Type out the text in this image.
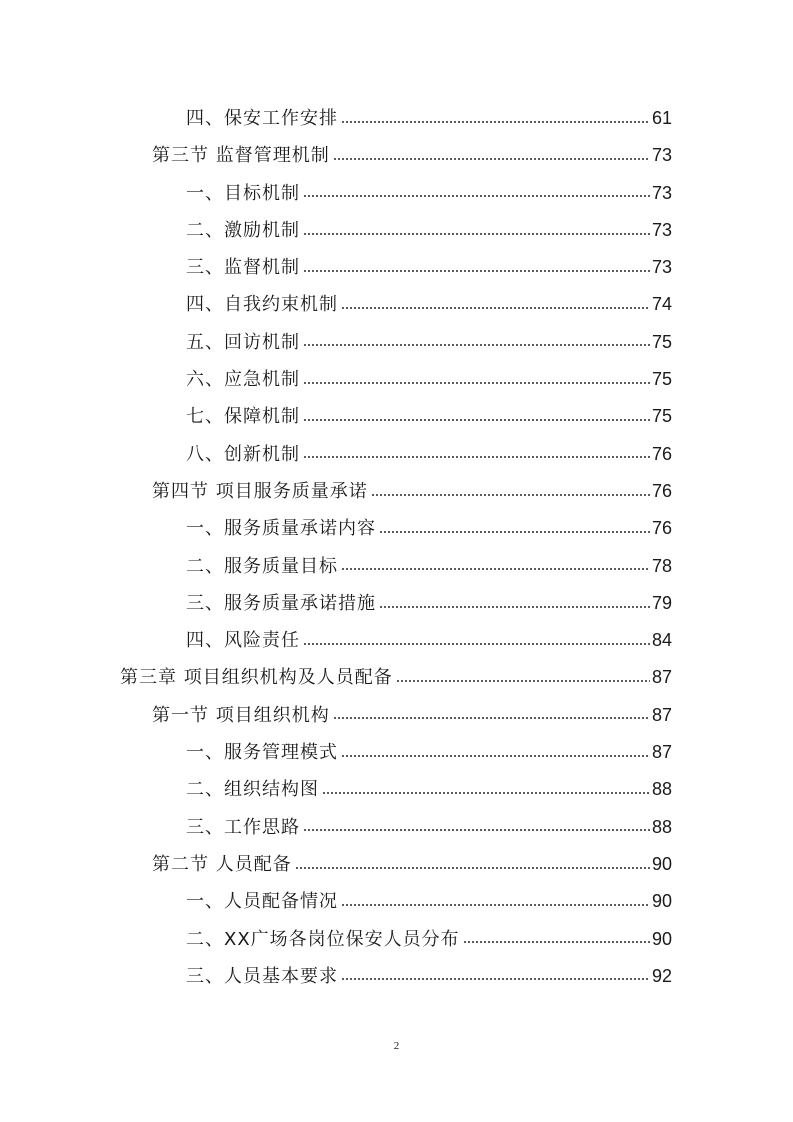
四、保安工作安排	61
第三节 监督管理机制	73
一、目标机制	73
二、激励机制	73
三、监督机制	73
四、自我约束机制	74
五、回访机制	75
六、应急机制	75
七、保障机制	75
八、创新机制	76
第四节 项目服务质量承诺	76
一、服务质量承诺内容	76
二、服务质量目标	78
三、服务质量承诺措施	79
四、风险责任	84
第三章 项目组织机构及人员配备	87
第一节 项目组织机构	87
一、服务管理模式	87
二、组织结构图	88
三、工作思路	88
第二节 人员配备	90
一、人员配备情况	90
二、XX广场各岗位保安人员分布	90
三、人员基本要求	92
2
